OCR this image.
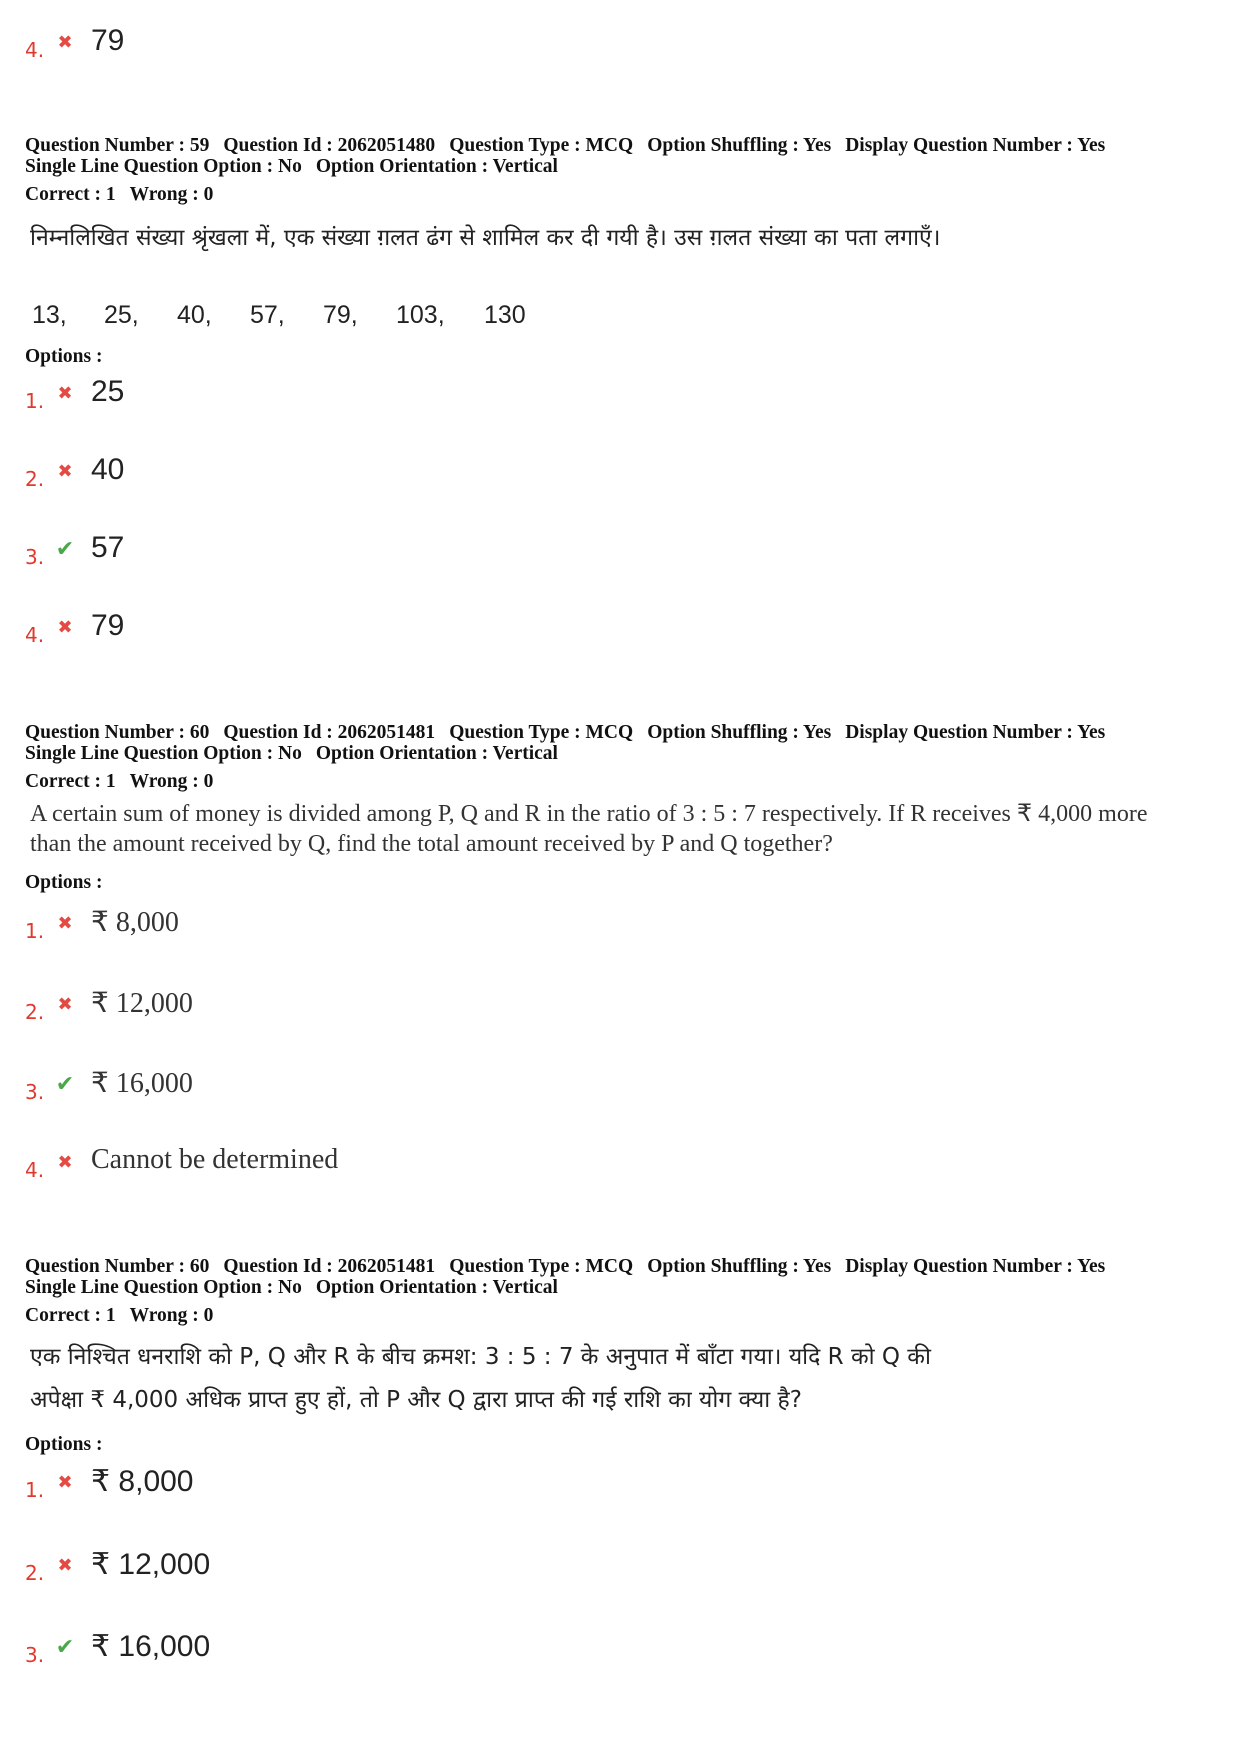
4. ✖ 79
Question Number : 59 Question Id : 2062051480 Question Type : MCQ Option Shuffling : Yes Display Question Number : Yes
Single Line Question Option : No Option Orientation : Vertical
Correct : 1 Wrong : 0
निम्नलिखित संख्या श्रृंखला में, एक संख्या ग़लत ढंग से शामिल कर दी गयी है। उस ग़लत संख्या का पता लगाएँ।
13, 25, 40, 57, 79, 103, 130
Options :
1. ✖ 25
2. ✖ 40
3. ✔ 57
4. ✖ 79
Question Number : 60 Question Id : 2062051481 Question Type : MCQ Option Shuffling : Yes Display Question Number : Yes
Single Line Question Option : No Option Orientation : Vertical
Correct : 1 Wrong : 0
A certain sum of money is divided among P, Q and R in the ratio of 3 : 5 : 7 respectively. If R receives ₹ 4,000 more
than the amount received by Q, find the total amount received by P and Q together?
Options :
1. ✖ ₹ 8,000
2. ✖ ₹ 12,000
3. ✔ ₹ 16,000
4. ✖ Cannot be determined
Question Number : 60 Question Id : 2062051481 Question Type : MCQ Option Shuffling : Yes Display Question Number : Yes
Single Line Question Option : No Option Orientation : Vertical
Correct : 1 Wrong : 0
एक निश्चित धनराशि को P, Q और R के बीच क्रमश: 3 : 5 : 7 के अनुपात में बाँटा गया। यदि R को Q की
अपेक्षा ₹ 4,000 अधिक प्राप्त हुए हों, तो P और Q द्वारा प्राप्त की गई राशि का योग क्या है?
Options :
1. ✖ ₹ 8,000
2. ✖ ₹ 12,000
3. ✔ ₹ 16,000
